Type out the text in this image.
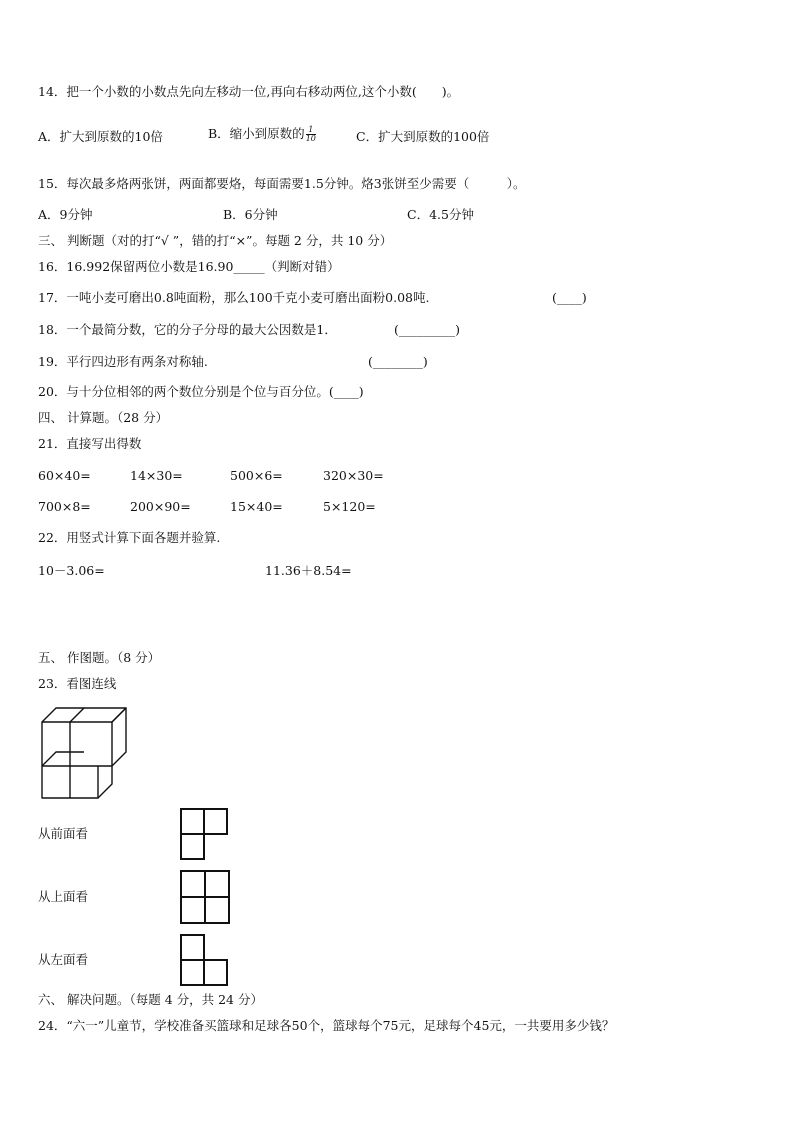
14．把一个小数的小数点先向左移动一位,再向右移动两位,这个小数(　　)。
A．扩大到原数的10倍	B．缩小到原数的 $\frac{1}{10}$	C．扩大到原数的100倍
15．每次最多烙两张饼，两面都要烙，每面需要1.5分钟。烙3张饼至少需要（　　　）。
A．9分钟	B．6分钟	C．4.5分钟
三、 判断题（对的打“√ ”，错的打“×”。每题 2 分，共 10 分）
16．16.992保留两位小数是16.90_____（判断对错）
17．一吨小麦可磨出0.8吨面粉，那么100千克小麦可磨出面粉0.08吨.	(____)
18．一个最简分数，它的分子分母的最大公因数是1．	(_________)
19．平行四边形有两条对称轴.	(________)
20．与十分位相邻的两个数位分别是个位与百分位。(____)
四、 计算题。（28 分）
21．直接写出得数
60×40=	14×30=	500×6=	320×30=
700×8=	200×90=	15×40=	5×120=
22．用竖式计算下面各题并验算.
10－3.06=	11.36＋8.54=
五、 作图题。（8 分）
23．看图连线
从前面看
从上面看
从左面看
六、 解决问题。（每题 4 分，共 24 分）
24．“六一”儿童节，学校准备买篮球和足球各50个，篮球每个75元，足球每个45元，一共要用多少钱？
